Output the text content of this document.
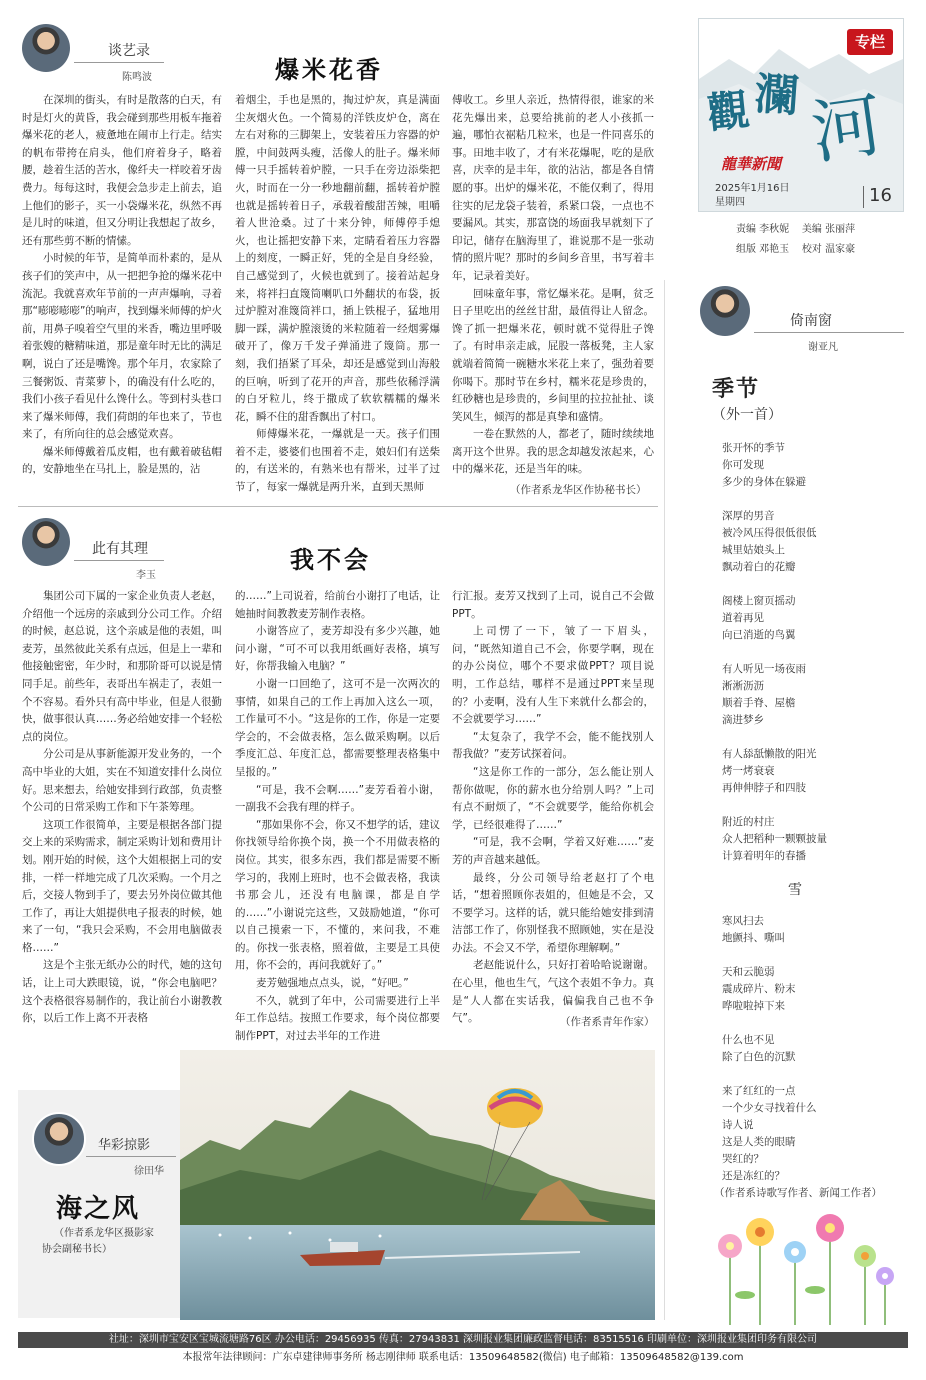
专栏
觀 瀾 河
龍華新聞
2025年1月16日
星期四	16
责编 李秋妮 美编 张丽萍
组版 邓艳玉 校对 温家豪
谈艺录
陈鸣波	爆米花香

在深圳的街头，有时是散落的白天，有时是灯火的黄昏，我会碰到那些用板车拖着爆米花的老人，疲惫地在闹市上行走。结实的帆布带挎在肩头，他们府着身子，略着腰，趁着生活的苦水，像纤夫一样咬着牙齿费力。每每这时，我便会急步走上前去，追上他们的影子，买一小袋爆米花，纵然不再是儿时的味道，但又分明让我想起了故乡，还有那些剪不断的情愫。

小时候的年节，是简单而朴素的，是从孩子们的笑声中，从一把把争抢的爆米花中流泥。我就喜欢年节前的一声声爆响，寻着那“嘭嘭嘭嘭”的响声，找到爆米师傅的炉火前，用鼻子嗅着空气里的米香，嘴边里呼吸着张嫂的糖精味道，那是童年时无比的满足啊，说白了还是嘴馋。那个年月，农家除了三餐粥饭、青菜萝卜，的确没有什么吃的，我们小孩子看见什么馋什么。等到村头巷口来了爆米师傅，我们荷朗的年也来了，节也来了，有所向往的总会感觉欢喜。

爆米师傅戴着瓜皮帽，也有戴着破毡帽的，安静地坐在马扎上，脸是黑的，沾

着烟尘，手也是黑的，掏过炉灰，真是满面尘灰烟火色。一个简易的洋铁皮炉仓，离在左右对称的三脚架上，安装着压力容器的炉膛，中间鼓两头瘦，活像人的肚子。爆米师傅一只手摇转着炉膛，一只手在旁边添柴把火，时而在一分一秒地翻前翻，摇转着炉膛也就是摇转着日子，承载着酸甜苦辣，咀嚼着人世沧桑。过了十来分钟，师傅停手熄火，也让摇把安静下来，定睛看着压力容器上的刻度，一瞬正好，凭的全是自身经验，自己感觉到了，火候也就到了。接着站起身来，将袢扫直篾筒喇叭口外翻状的布袋，扳过炉膛对准篾筒袢口，插上铁棍子，猛地用脚一踩，满炉膛滚烫的米粒随着一经烟雾爆破开了，像万千发子弹涌进了篾筒。那一刻，我们捂紧了耳朵，却还是感觉到山海般的巨响，听到了花开的声音，那些依稀浮满的白牙粒儿，终于撒成了软软糯糯的爆米花，瞬不住的甜香飘出了村口。

师傅爆米花，一爆就是一天。孩子们围着不走，婆婆们也围着不走，娘妇们有送柴的，有送米的，有熟米也有帮米，过半了过节了，每家一爆就是两升米，直到天黑师

傅收工。乡里人亲近，热情得很，谁家的米花先爆出来，总要给挑前的老人小孩抓一遍，哪怕衣裾粘几粒米，也是一件同喜乐的事。田地丰收了，才有米花爆呢，吃的是欣喜，庆幸的是丰年，欲的沾沾，都是各自情愿的事。出炉的爆米花，不能仅剩了，得用往实的尼龙袋子装着，系紧口袋，一点也不要漏风。其实，那富饶的场面我早就刻下了印记，储存在脑海里了，谁说那不是一张动情的照片呢？那时的乡间乡音里，书写着丰年，记录着美好。

回味童年事，常忆爆米花。是啊，贫乏日子里吃出的丝丝甘甜，最值得让人留念。馋了抓一把爆米花，顿时就不觉得肚子馋了。有时串亲走戚，屁股一落板凳，主人家就端着简简一碗糖水米花上来了，强劲着要你喝下。那时节在乡村，糯米花是珍贵的，红砂糖也是珍贵的，乡间里的拉拉扯扯、谈笑风生，倾泻的都是真挚和盛情。

一卷在默然的人，都老了，随时续续地离开这个世界。我的思念却越发浓起来，心中的爆米花，还是当年的味。

（作者系龙华区作协秘书长）
此有其理
李玉
我不会

集团公司下属的一家企业负责人老赵，介绍他一个远房的亲戚到分公司工作。介绍的时候，赵总说，这个亲戚是他的表姐，叫麦芳，虽然彼此关系有点远，但是上一辈和他接触密密，年少时，和那阶哥可以说是情同手足。前些年，表哥出车祸走了，表姐一个不容易。看外只有高中毕业，但是人很勤快，做事很认真……务必给她安排一个轻松点的岗位。

分公司是从事新能源开发业务的，一个高中毕业的大姐，实在不知道安排什么岗位好。思来想去，给她安排到行政部，负责整个公司的日常采购工作和下午茶筹理。

这项工作很简单，主要是根据各部门提交上来的采购需求，制定采购计划和费用计划。刚开始的时候，这个大姐根据上司的安排，一样一样地完成了几次采购。一个月之后，交接人物到手了，要去另外岗位做其他工作了，再让大姐提供电子报表的时候，她来了一句，“我只会采购，不会用电脑做表格……”

这是个主张无纸办公的时代，她的这句话，让上司大跌眼镜，说，“你会电脑吧？这个表格很容易制作的，我让前台小谢教教你，以后工作上离不开表格

的……”上司说着，给前台小谢打了电话，让她抽时间教教麦芳制作表格。

小谢答应了，麦芳却没有多少兴趣，她问小谢，“可不可以我用纸画好表格，填写好，你帮我输入电脑？”

小谢一口回绝了，这可不是一次两次的事情，如果自己的工作上再加入这么一项，工作量可不小。“这是你的工作，你是一定要学会的，不会做表格，怎么做采购啊。以后季度汇总、年度汇总，都需要整理表格集中呈报的。”

“可是，我不会啊……”麦芳看着小谢，一副我不会我有理的样子。

“那如果你不会，你又不想学的话，建议你找领导给你换个岗，换一个不用做表格的岗位。其实，很多东西，我们都是需要不断学习的，我刚上班时，也不会做表格，我读书那会儿，还没有电脑课，都是自学的……”小谢说完这些，又鼓励她道，“你可以自己摸索一下，不懂的，来问我，不难的。你找一张表格，照着做，主要是工具使用，你不会的，再问我就好了。”

麦芳勉强地点点头，说，“好吧。”

不久，就到了年中，公司需要进行上半年工作总结。按照工作要求，每个岗位都要制作PPT，对过去半年的工作进

行汇报。麦芳又找到了上司，说自己不会做PPT。

上司愣了一下，皱了一下眉头，问，“既然知道自己不会，你要学啊，现在的办公岗位，哪个不要求做PPT？项目说明，工作总结，哪样不是通过PPT来呈现的？小麦啊，没有人生下来就什么都会的，不会就要学习……”

“太复杂了，我学不会，能不能找别人帮我做？”麦芳试探着问。

“这是你工作的一部分，怎么能让别人帮你做呢，你的薪水也分给别人吗？”上司有点不耐烦了，“不会就要学，能给你机会学，已经很难得了……”

“可是，我不会啊，学着又好难……”麦芳的声音越来越低。

最终，分公司领导给老赵打了个电话，“想着照顾你表姐的，但她是不会，又不要学习。这样的话，就只能给她安排到清洁部工作了，你别怪我不照顾她，实在是没办法。不会又不学，希望你理解啊。”

老赵能说什么，只好打着哈哈说谢谢。在心里，他也生气，气这个表姐不争力。真是“人人都在实话我，偏偏我自己也不争气”。	（作者系青年作家）
倚南窗
谢亚凡
季节
（外一首）
张开怀的季节
你可发现
多少的身体在躲避
深厚的男音
被冷风压得很低很低
城里姑娘头上
飘动着白的花瓣
阁楼上窗页摇动
道着再见
向已消逝的鸟翼
有人听见一场夜雨
淅淅沥沥
顺着手脊、屋檐
滴进梦乡
有人舔舐懒散的阳光
烤一烤衰衰
再伸伸脖子和四肢
附近的村庄
众人把稻种一颗颗披量
计算着明年的春播
雪
寒风扫去
地颤抖、嘶叫
天和云脆弱
震成碎片、粉末
哗啦啦掉下来
什么也不见
除了白色的沉默
来了红红的一点
一个少女寻找着什么
诗人说
这是人类的眼睛
哭红的？
还是冻红的？
（作者系诗歌写作者、新闻工作者）
华彩掠影
徐田华
海之风
（作者系龙华区摄影家
协会副秘书长）
社址：深圳市宝安区宝城流塘路76区 办公电话：29456935 传真：27943831 深圳报业集团廉政监督电话：83515516 印刷单位：深圳报业集团印务有限公司
本报常年法律顾问：广东卓建律师事务所 杨志刚律师 联系电话：13509648582(微信) 电子邮箱：13509648582@139.com
